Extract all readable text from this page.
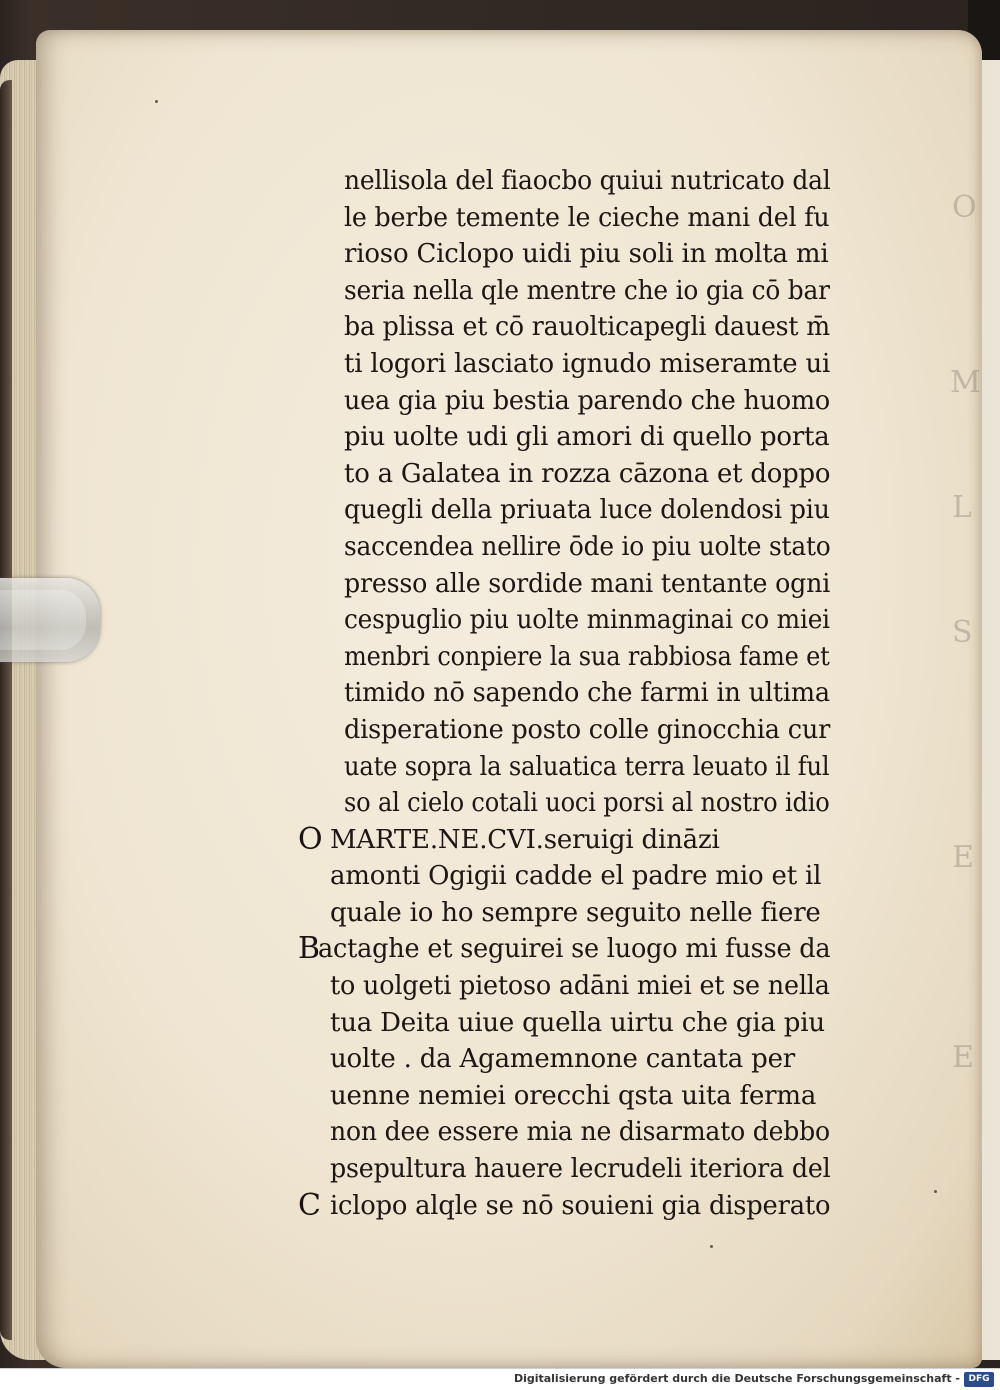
O
M
L
S
E
E
nellisola del fiaocbo quiui nutricato dal
le berbe temente le cieche mani del fu
rioso Ciclopo uidi piu soli in molta mi
seria nella qle mentre che io gia cō bar
ba plissa et cō rauolticapegli dauest m̄
ti logori lasciato ignudo miseramte ui
uea gia piu bestia parendo che huomo
piu uolte udi gli amori di quello porta
to a Galatea in rozza cāzona et doppo
quegli della priuata luce dolendosi piu
saccendea nellire ōde io piu uolte stato
presso alle sordide mani tentante ogni
cespuglio piu uolte minmaginai co miei
menbri conpiere la sua rabbiosa fame et
timido nō sapendo che farmi in ultima
disperatione posto colle ginocchia cur
uate sopra la saluatica terra leuato il ful
so al cielo cotali uoci porsi al nostro idio
O MARTE.NE.CVI.seruigi dināzi
amonti Ogigii cadde el padre mio et il
quale io ho sempre seguito nelle fiere
B
actaghe et seguirei se luogo mi fusse da
to uolgeti pietoso adāni miei et se nella
tua Deita uiue quella uirtu che gia piu
uolte . da Agamemnone cantata per
uenne nemiei orecchi qsta uita ferma
non dee essere mia ne disarmato debbo
psepultura hauere lecrudeli iteriora del
C iclopo alqle se nō souieni gia disperato
Digitalisierung gefördert durch die Deutsche Forschungsgemeinschaft - DFG
